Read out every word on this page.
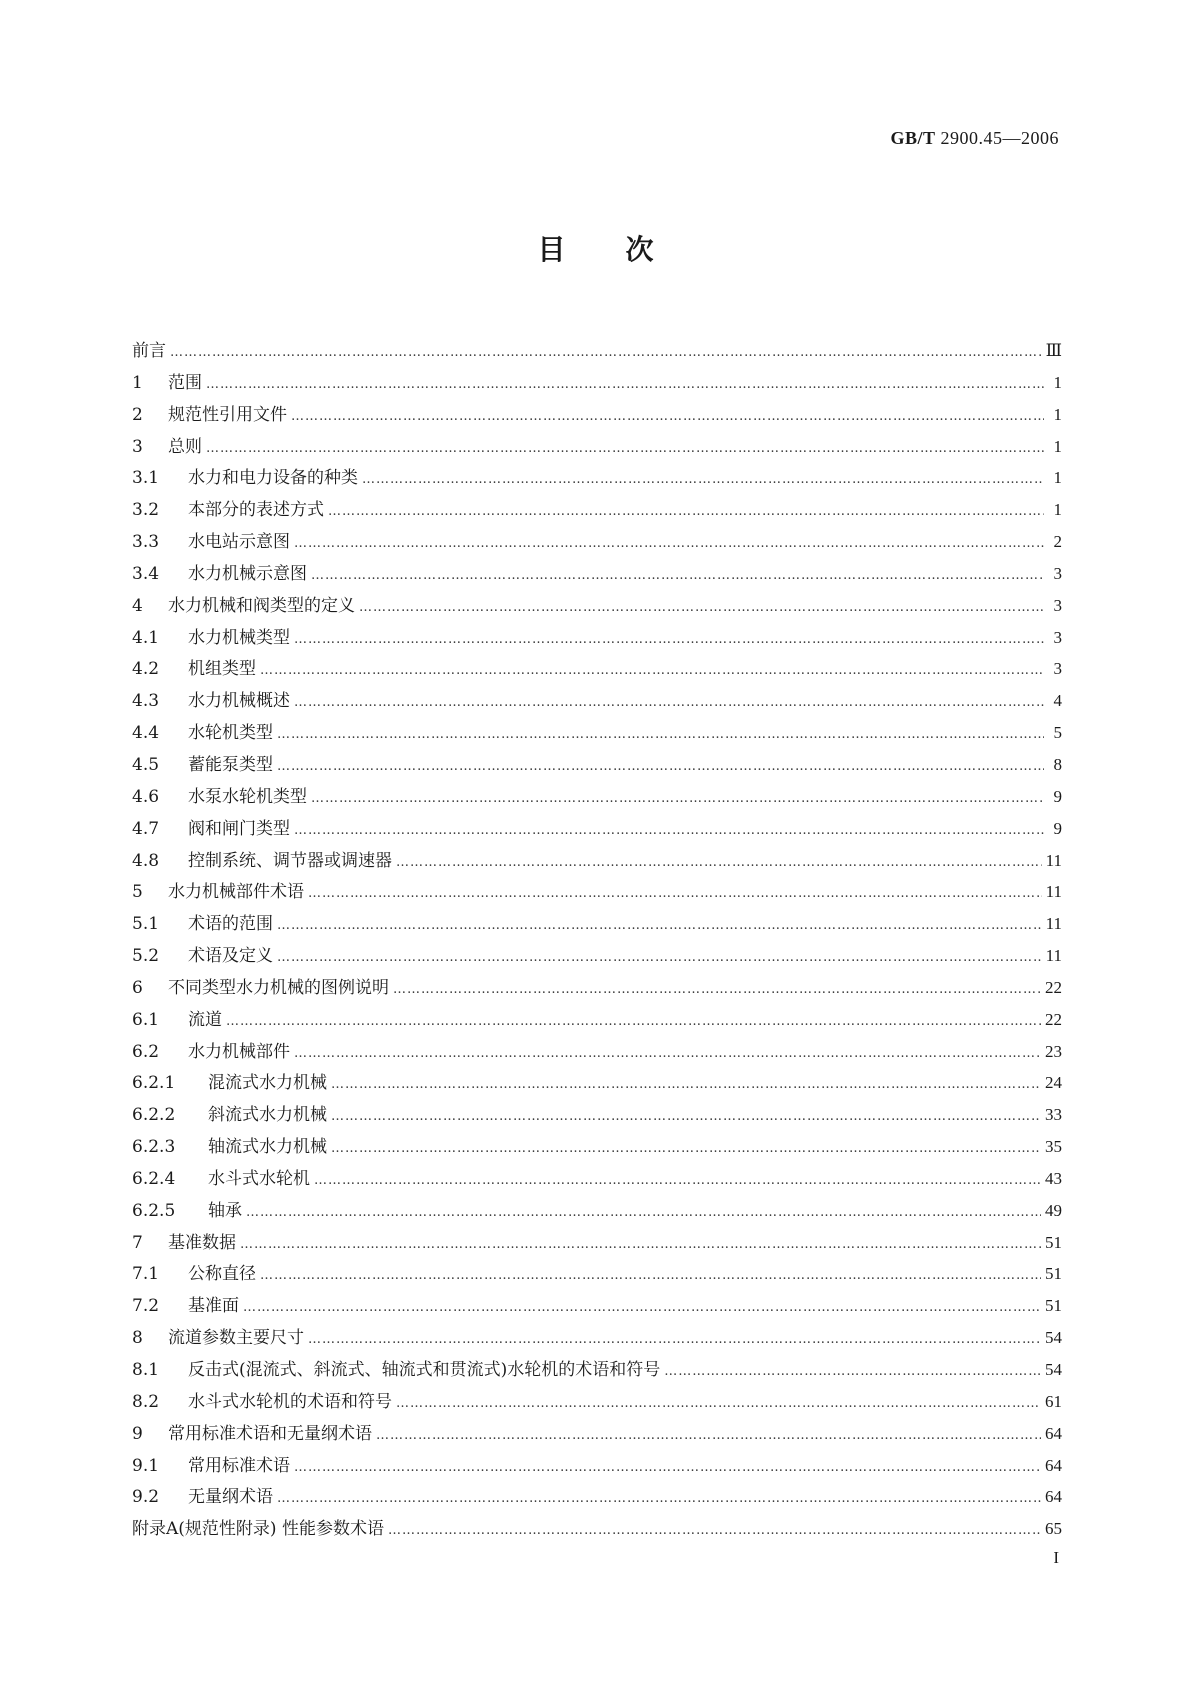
GB/T 2900.45—2006
目次
前言 ………………………………………………………………………………………………………………………………………………………………………………………………………………………………………………	Ⅲ
1	范围 ………………………………………………………………………………………………………………………………………………………………………………………………………………………………………………	1
2	规范性引用文件 ………………………………………………………………………………………………………………………………………………………………………………………………………………………………………………	1
3	总则 ………………………………………………………………………………………………………………………………………………………………………………………………………………………………………………	1
3.1	水力和电力设备的种类 ………………………………………………………………………………………………………………………………………………………………………………………………………………………………………………	1
3.2	本部分的表述方式 ………………………………………………………………………………………………………………………………………………………………………………………………………………………………………………	1
3.3	水电站示意图 ………………………………………………………………………………………………………………………………………………………………………………………………………………………………………………	2
3.4	水力机械示意图 ………………………………………………………………………………………………………………………………………………………………………………………………………………………………………………	3
4	水力机械和阀类型的定义 ………………………………………………………………………………………………………………………………………………………………………………………………………………………………………………	3
4.1	水力机械类型 ………………………………………………………………………………………………………………………………………………………………………………………………………………………………………………	3
4.2	机组类型 ………………………………………………………………………………………………………………………………………………………………………………………………………………………………………………	3
4.3	水力机械概述 ………………………………………………………………………………………………………………………………………………………………………………………………………………………………………………	4
4.4	水轮机类型 ………………………………………………………………………………………………………………………………………………………………………………………………………………………………………………	5
4.5	蓄能泵类型 ………………………………………………………………………………………………………………………………………………………………………………………………………………………………………………	8
4.6	水泵水轮机类型 ………………………………………………………………………………………………………………………………………………………………………………………………………………………………………………	9
4.7	阀和闸门类型 ………………………………………………………………………………………………………………………………………………………………………………………………………………………………………………	9
4.8	控制系统、调节器或调速器 ………………………………………………………………………………………………………………………………………………………………………………………………………………………………………………	11
5	水力机械部件术语 ………………………………………………………………………………………………………………………………………………………………………………………………………………………………………………	11
5.1	术语的范围 ………………………………………………………………………………………………………………………………………………………………………………………………………………………………………………	11
5.2	术语及定义 ………………………………………………………………………………………………………………………………………………………………………………………………………………………………………………	11
6	不同类型水力机械的图例说明 ………………………………………………………………………………………………………………………………………………………………………………………………………………………………………………	22
6.1	流道 ………………………………………………………………………………………………………………………………………………………………………………………………………………………………………………	22
6.2	水力机械部件 ………………………………………………………………………………………………………………………………………………………………………………………………………………………………………………	23
6.2.1	混流式水力机械 ………………………………………………………………………………………………………………………………………………………………………………………………………………………………………………	24
6.2.2	斜流式水力机械 ………………………………………………………………………………………………………………………………………………………………………………………………………………………………………………	33
6.2.3	轴流式水力机械 ………………………………………………………………………………………………………………………………………………………………………………………………………………………………………………	35
6.2.4	水斗式水轮机 ………………………………………………………………………………………………………………………………………………………………………………………………………………………………………………	43
6.2.5	轴承 ………………………………………………………………………………………………………………………………………………………………………………………………………………………………………………	49
7	基准数据 ………………………………………………………………………………………………………………………………………………………………………………………………………………………………………………	51
7.1	公称直径 ………………………………………………………………………………………………………………………………………………………………………………………………………………………………………………	51
7.2	基准面 ………………………………………………………………………………………………………………………………………………………………………………………………………………………………………………	51
8	流道参数主要尺寸 ………………………………………………………………………………………………………………………………………………………………………………………………………………………………………………	54
8.1	反击式(混流式、斜流式、轴流式和贯流式)水轮机的术语和符号 ………………………………………………………………………………………………………………………………………………………………………………………………………………………………………………	54
8.2	水斗式水轮机的术语和符号 ………………………………………………………………………………………………………………………………………………………………………………………………………………………………………………	61
9	常用标准术语和无量纲术语 ………………………………………………………………………………………………………………………………………………………………………………………………………………………………………………	64
9.1	常用标准术语 ………………………………………………………………………………………………………………………………………………………………………………………………………………………………………………	64
9.2	无量纲术语 ………………………………………………………………………………………………………………………………………………………………………………………………………………………………………………	64
附录A(规范性附录) 性能参数术语 ………………………………………………………………………………………………………………………………………………………………………………………………………………………………………………	65
I
